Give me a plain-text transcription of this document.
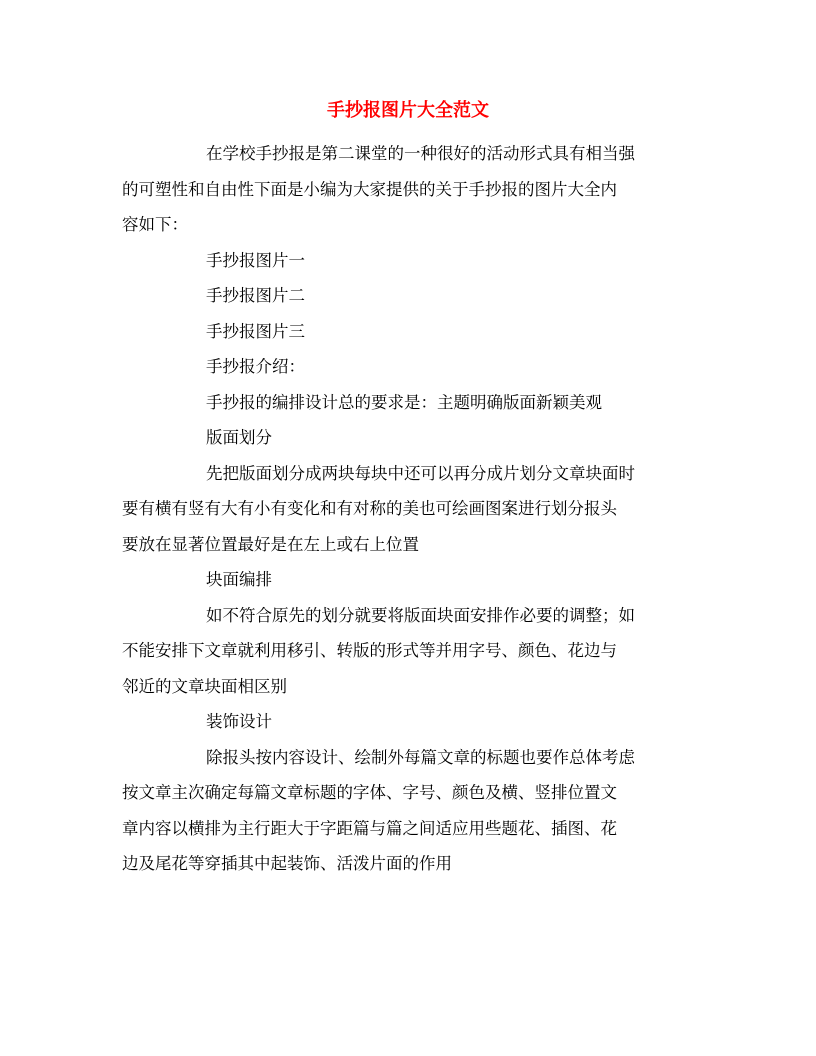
手抄报图片大全范文

在学校手抄报是第二课堂的一种很好的活动形式具有相当强

的可塑性和自由性下面是小编为大家提供的关于手抄报的图片大全内

容如下：

手抄报图片一

手抄报图片二

手抄报图片三

手抄报介绍：

手抄报的编排设计总的要求是：主题明确版面新颖美观

版面划分

先把版面划分成两块每块中还可以再分成片划分文章块面时

要有横有竖有大有小有变化和有对称的美也可绘画图案进行划分报头

要放在显著位置最好是在左上或右上位置

块面编排

如不符合原先的划分就要将版面块面安排作必要的调整；如

不能安排下文章就利用移引、转版的形式等并用字号、颜色、花边与

邻近的文章块面相区别

装饰设计

除报头按内容设计、绘制外每篇文章的标题也要作总体考虑

按文章主次确定每篇文章标题的字体、字号、颜色及横、竖排位置文

章内容以横排为主行距大于字距篇与篇之间适应用些题花、插图、花

边及尾花等穿插其中起装饰、活泼片面的作用
